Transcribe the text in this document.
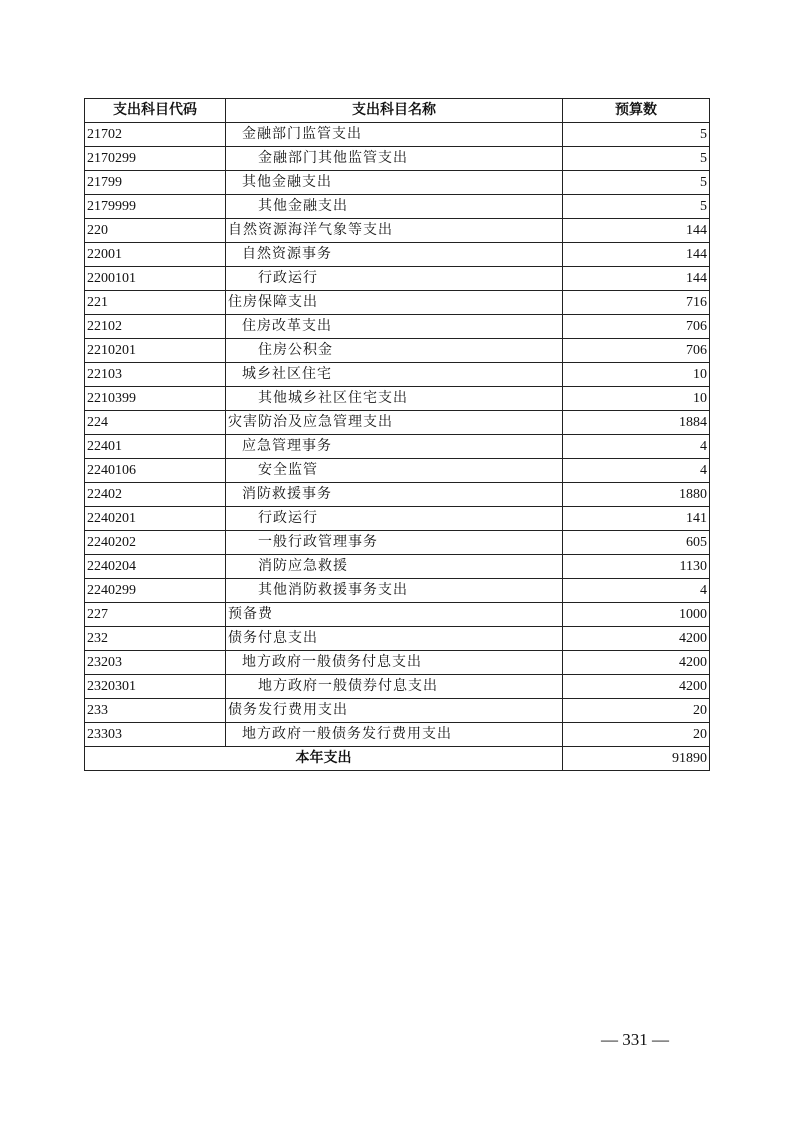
支出科目代码	支出科目名称	预算数
21702	金融部门监管支出	5
2170299	金融部门其他监管支出	5
21799	其他金融支出	5
2179999	其他金融支出	5
220	自然资源海洋气象等支出	144
22001	自然资源事务	144
2200101	行政运行	144
221	住房保障支出	716
22102	住房改革支出	706
2210201	住房公积金	706
22103	城乡社区住宅	10
2210399	其他城乡社区住宅支出	10
224	灾害防治及应急管理支出	1884
22401	应急管理事务	4
2240106	安全监管	4
22402	消防救援事务	1880
2240201	行政运行	141
2240202	一般行政管理事务	605
2240204	消防应急救援	1130
2240299	其他消防救援事务支出	4
227	预备费	1000
232	债务付息支出	4200
23203	地方政府一般债务付息支出	4200
2320301	地方政府一般债券付息支出	4200
233	债务发行费用支出	20
23303	地方政府一般债务发行费用支出	20
本年支出		91890
— 331 —
